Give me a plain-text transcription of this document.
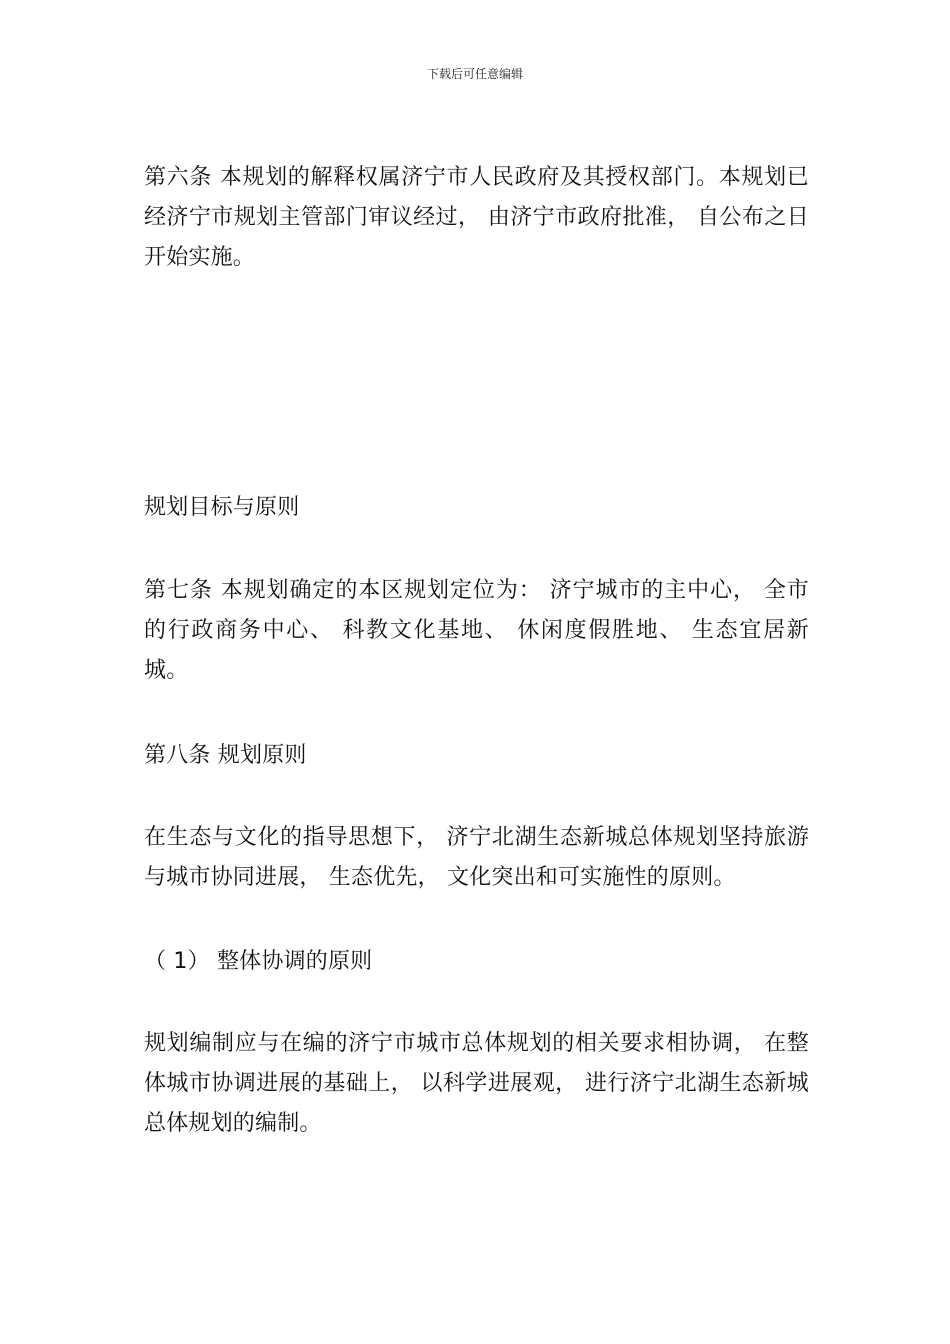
下载后可任意编辑

第六条 本规划的解释权属济宁市人民政府及其授权部门。本规划已经济宁市规划主管部门审议经过， 由济宁市政府批准， 自公布之日开始实施。

规划目标与原则

第七条 本规划确定的本区规划定位为： 济宁城市的主中心， 全市的行政商务中心、 科教文化基地、 休闲度假胜地、 生态宜居新城。

第八条 规划原则

在生态与文化的指导思想下， 济宁北湖生态新城总体规划坚持旅游与城市协同进展， 生态优先， 文化突出和可实施性的原则。

（ 1） 整体协调的原则

规划编制应与在编的济宁市城市总体规划的相关要求相协调， 在整体城市协调进展的基础上， 以科学进展观， 进行济宁北湖生态新城总体规划的编制。
